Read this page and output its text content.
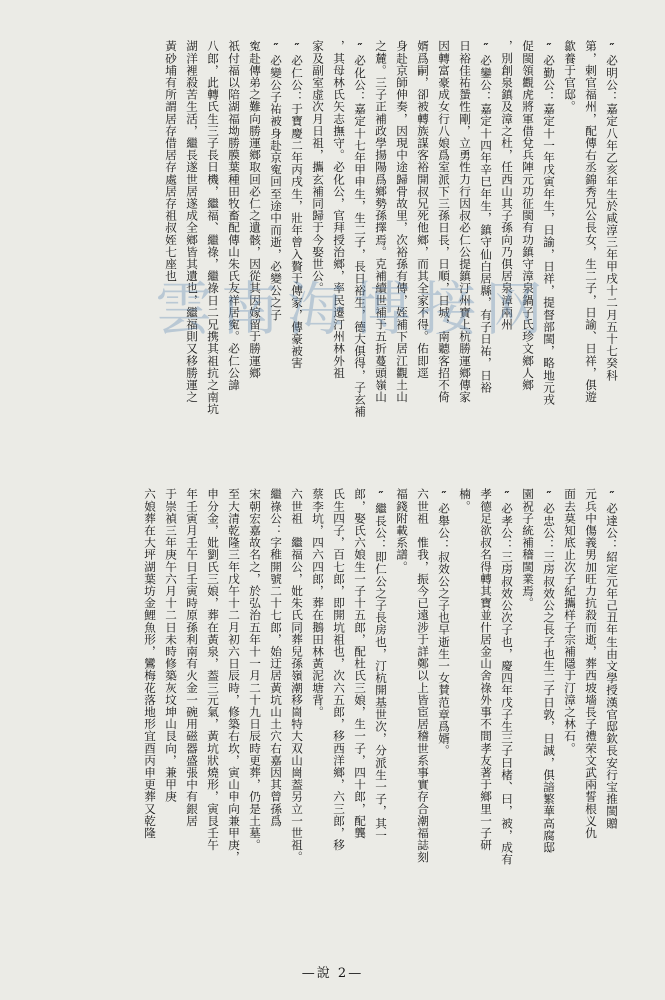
″必明公：嘉定八年乙亥年生於咸淳三年甲戌十二月五十七癸科
第，剌官福州，配傳右丞錦秀兄公長女，生二子，日諭、日祥，俱遊
歙養于官邸。
″必勤公：嘉定十一年戊寅年生，日諭，日祥，提督部閩，略地元戎
促閩領觀虎將軍借兌兵陣元功征閩有功鎮守漳泉鍋子氏珍文鄉人鄉
，別創泉鎮及漳之杜，任西山其子孫向乃俱居泉漳兩州
″必鑾公：嘉定十四年辛巳年生，鎮守仙白居縣，有子日祐，日裕
日裕佳祐蜑性剛，立勇性力行因叔必仁公提鎮汀州寶上杭勝運鄉傳家
因轉富豪成女行八娘爲室派下三孫日長，日順，日城，南聽客招不倚
婿爲嗣，卻被轉族謀客裕開叔兄死他鄉，而其全家不得。佑即逕
身赴京師伸奏，因現中途歸骨故里，次裕孫有傳，姪補下居江觀土山
之麓。三子正補政學揚陽爲鄉勢孫擇焉。克補續世補于五折蔓頭嶺山
″必化公：嘉定十七年甲申生，生二子，長日裕生，德大俱得，子玄補
，其母林氏矢志撫守。必化公，官拜授治鄉，率民遷汀州林外祖
家及副室虚次月日祖，攜玄補同歸于今娶世公。
″必仁公：于寶慶二年丙戌生，壯年曾入贅于傳家，傳豪被害
″必變公子祐被身赴京寃回至途中而逝，必變公之子
寃赴傳弟之難向勝運鄉取回必仁之遺骸，因從其因嫁留于勝運鄉
祇付福以陪湖福坳勝膜葉種田牧畜配傳山朱氏友祥居寃。必仁公諱
八郎，此轉氏生三子長日機，繼福、繼祿，繼祿日二兄携其祖抗之南坑
湖洋裡殺苦生活，繼長遂世居遂成全鄉皆其遺也，繼福則又移勝運之
黃砂埔有所謂居存借居存處居存祖叔姪七座也
″必達公：紹定元年己丑年生由文學授漢官邸欽長安行宝推閩贈
元兵中傷義男加旺力抗殺而逝，葬西坡墻長子禮荣文武兩誓根义仇
面去莫知底止次子紀攜样子宗補隱于汀漳之林石。
″必忠公：三房叔效公之長子也生二子日敦，日誠，俱諳繁華高腐邸
園祝子統補稽閩業焉。
″必孝公：三房叔效公次子也，慶四年戊子生三子曰楮、曰，被，成有
孝德足欲叔名得轉其寶並什居金山舍祿外事不間孝友著于鄉里一子研
楠。
″必舉公：叔效公之子也早逝生一女賛范章爲婿。
六世祖　惟我，振今已遠涉于詳鄭以上皆宦居稽世系事實存合潮福誌刻
福錢附載系譜。
″繼長公：即仁公之子長房也，汀杭開基世次，分派生一子，其一
郎，娶氏六娘生一子十五郎，配杜氏三娘，生一子，四十郎，配龔
氏生四子，百七郎，即開坑祖也，次六五郎，移西洋鄉，六三郎，移
蔡李坑，四六四郎，葬在鵝田林黃泥塘背。
六世祖　繼福公，妣朱氏同葬兒孫嶺潮移崗特大双山崗葢另立一世祖。
繼祿公：字稚開號二十七郎，始迂居黃坑山土穴右嘉因其曾孫爲
宋朝宏嘉故名之，於弘治五年十一月二十九日辰時更葬，仍是土墓。
至大清乾隆三年戊午十二月初六日辰時，修築右坎，寅山申向兼甲庚，
申分金，妣劉氏三娘，葬在黃泉，葢三元氣，黃坑狀燒形，寅艮壬午
年壬寅月壬午日壬寅時原孫利南有火金一碗用磁器盛張中有銀居
于崇禎三年庚午六月十二日未時修築灰坟坤山艮向，兼甲庚
六娘葬在大坪湖葉坊金鯉魚形，鸞梅花落地形宜酉丙申更葬又乾隆
雲南海博接网
—說 2—
